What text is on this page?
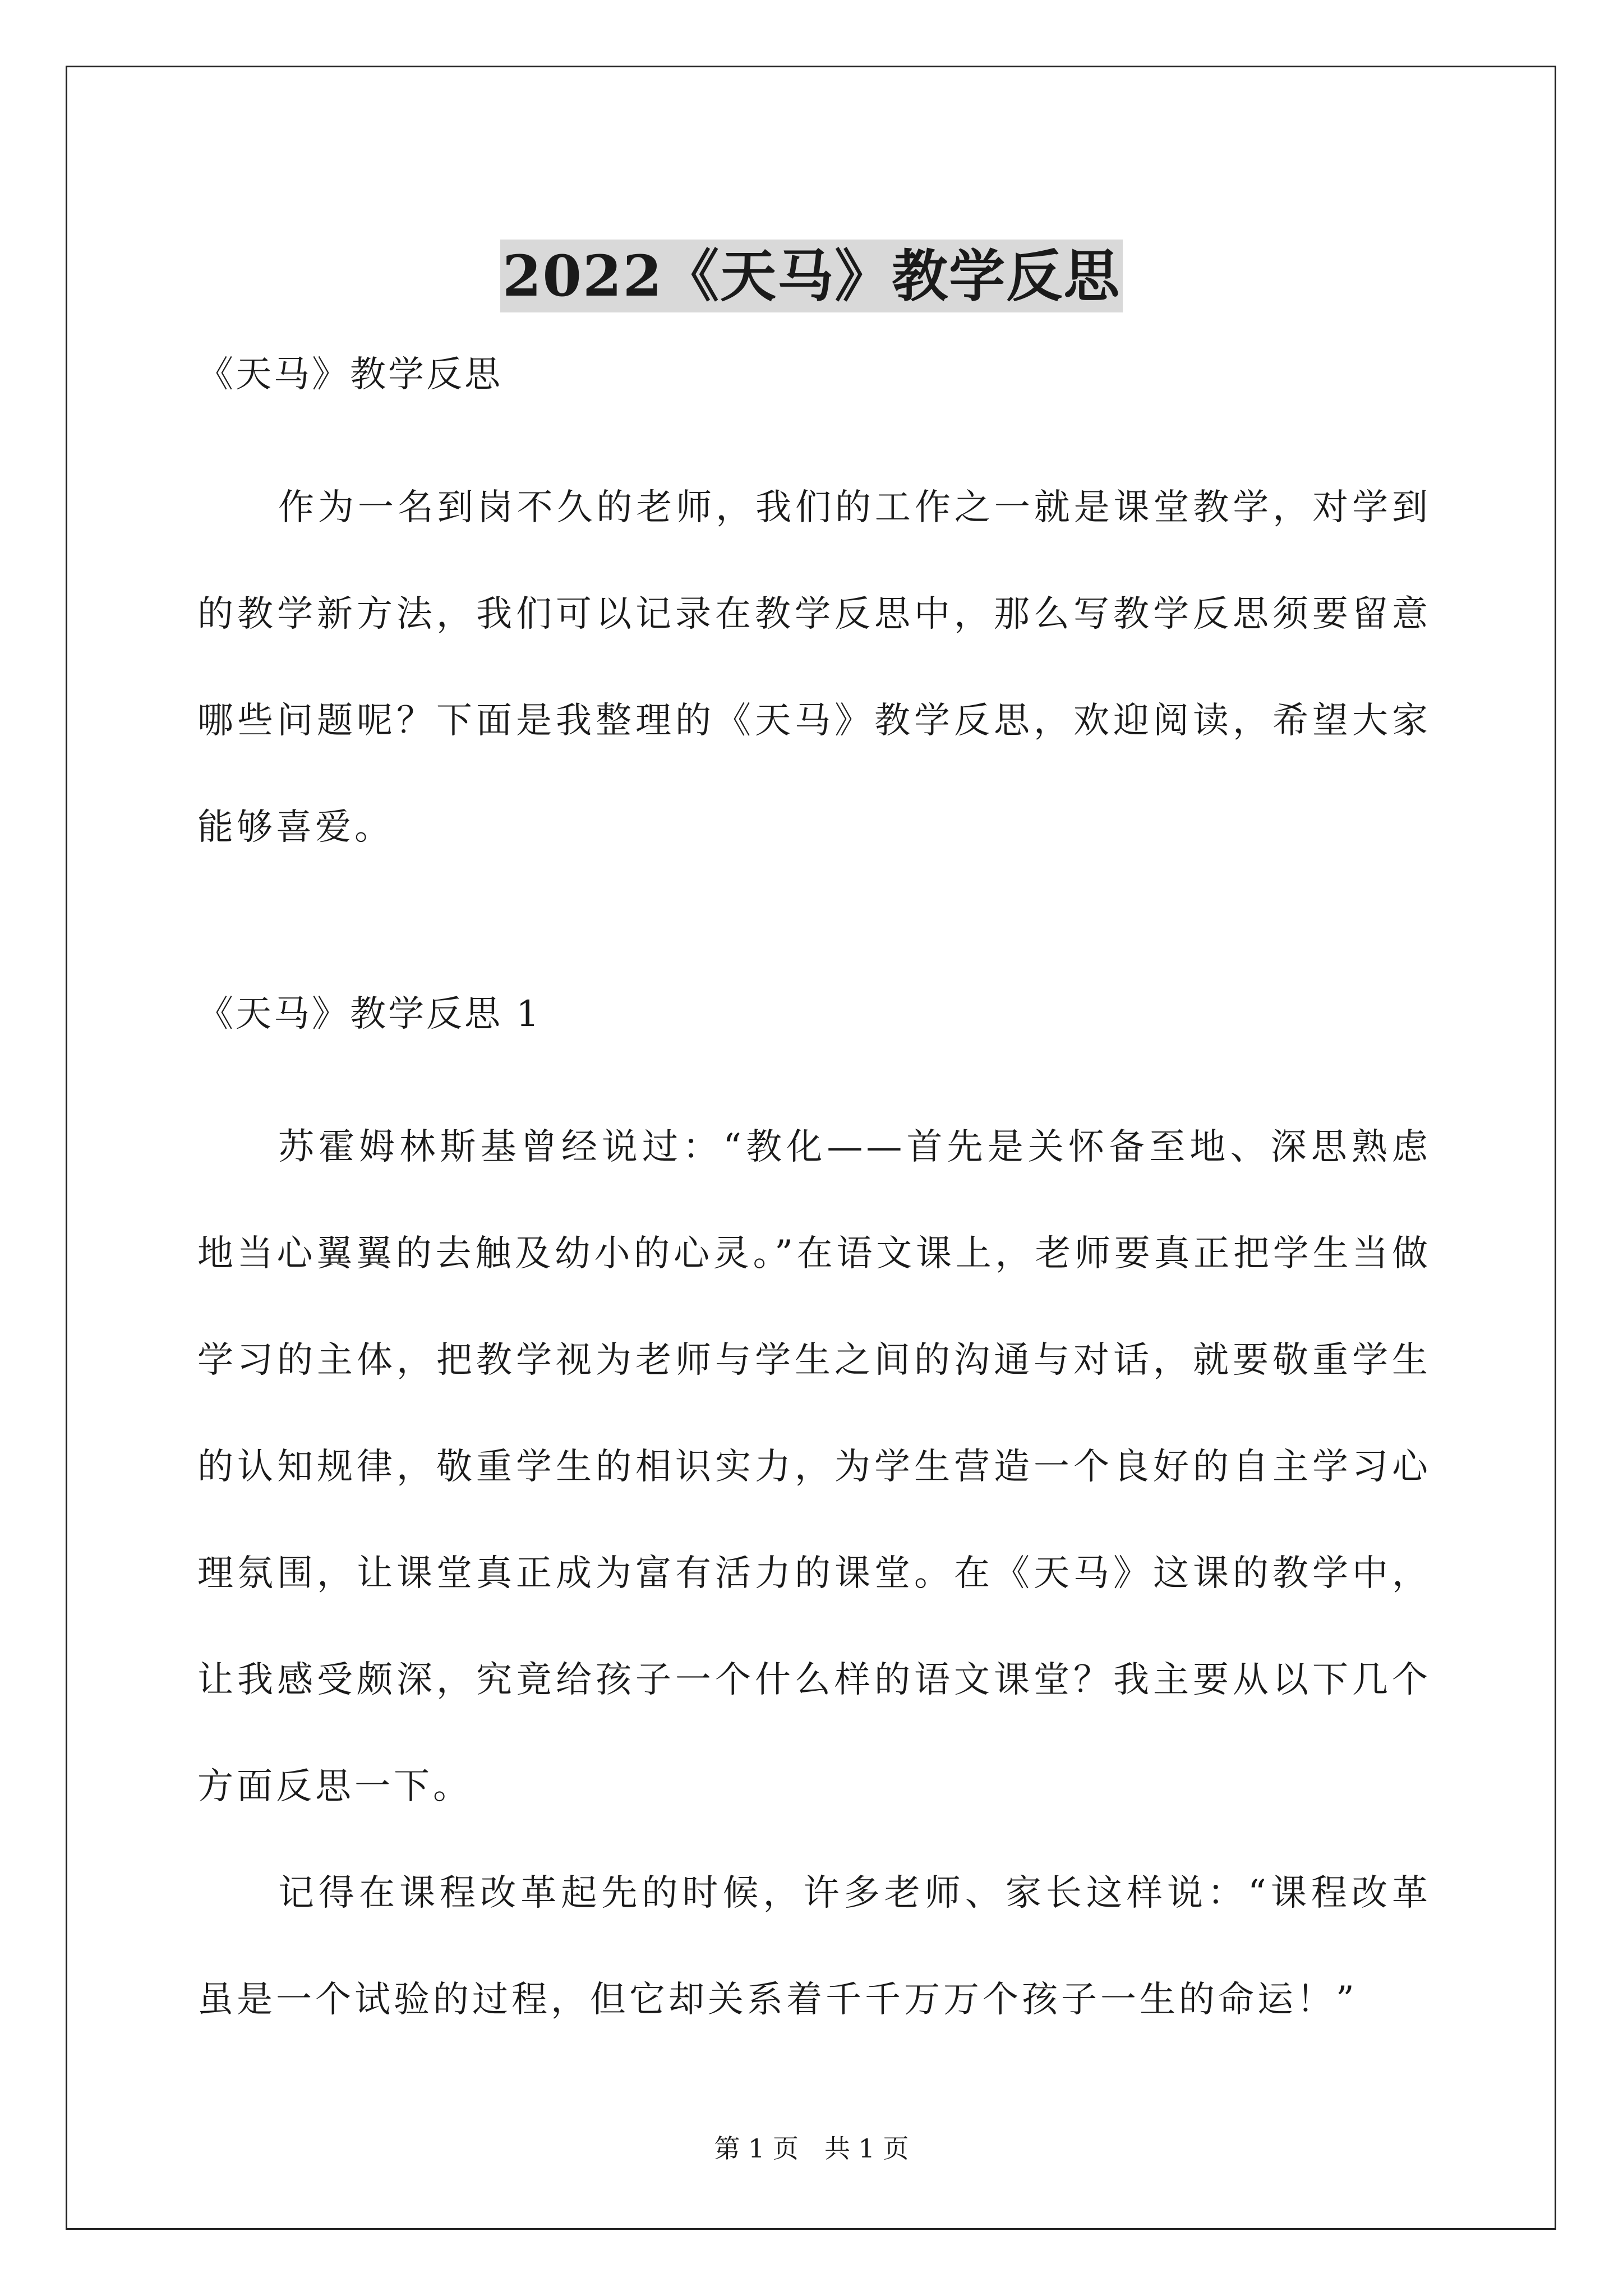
2022《天马》教学反思

《天马》教学反思

作为一名到岗不久的老师，我们的工作之一就是课堂教学，对学到的教学新方法，我们可以记录在教学反思中，那么写教学反思须要留意哪些问题呢？下面是我整理的《天马》教学反思，欢迎阅读，希望大家能够喜爱。

《天马》教学反思 1

苏霍姆林斯基曾经说过：“教化——首先是关怀备至地、深思熟虑地当心翼翼的去触及幼小的心灵。”在语文课上，老师要真正把学生当做学习的主体，把教学视为老师与学生之间的沟通与对话，就要敬重学生的认知规律，敬重学生的相识实力，为学生营造一个良好的自主学习心理氛围，让课堂真正成为富有活力的课堂。在《天马》这课的教学中，让我感受颇深，究竟给孩子一个什么样的语文课堂？我主要从以下几个方面反思一下。

记得在课程改革起先的时候，许多老师、家长这样说：“课程改革虽是一个试验的过程，但它却关系着千千万万个孩子一生的命运！”

第 1 页 共 1 页
